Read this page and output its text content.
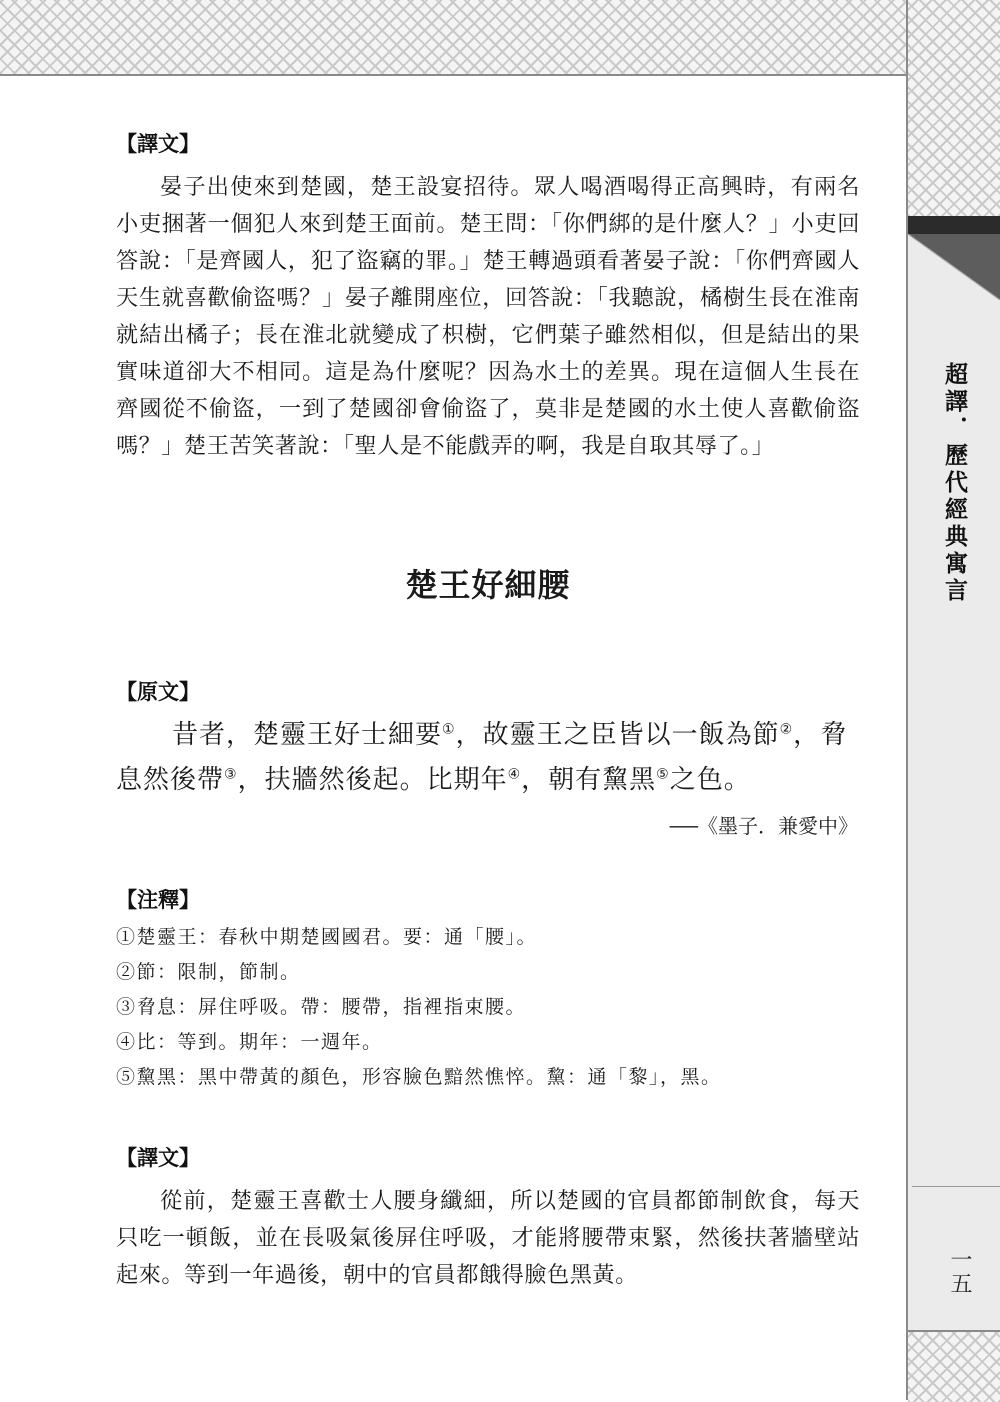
超譯．歷代經典寓言
一五

【譯文】

晏子出使來到楚國，楚王設宴招待。眾人喝酒喝得正高興時，有兩名小吏捆著一個犯人來到楚王面前。楚王問：「你們綁的是什麼人？」小吏回答說：「是齊國人，犯了盜竊的罪。」楚王轉過頭看著晏子說：「你們齊國人天生就喜歡偷盜嗎？」晏子離開座位，回答說：「我聽說，橘樹生長在淮南就結出橘子；長在淮北就變成了枳樹，它們葉子雖然相似，但是結出的果實味道卻大不相同。這是為什麼呢？因為水土的差異。現在這個人生長在齊國從不偷盜，一到了楚國卻會偷盜了，莫非是楚國的水土使人喜歡偷盜嗎？」楚王苦笑著說：「聖人是不能戲弄的啊，我是自取其辱了。」

楚王好細腰

【原文】

昔者，楚靈王好士細要①，故靈王之臣皆以一飯為節②，脅息然後帶③，扶牆然後起。比期年④，朝有黧黑⑤之色。

──《墨子．兼愛中》

【注釋】

①楚靈王：春秋中期楚國國君。要：通「腰」。

②節：限制，節制。

③脅息：屏住呼吸。帶：腰帶，指裡指束腰。

④比：等到。期年：一週年。

⑤黧黑：黑中帶黃的顏色，形容臉色黯然憔悴。黧：通「黎」，黑。

【譯文】

從前，楚靈王喜歡士人腰身纖細，所以楚國的官員都節制飲食，每天只吃一頓飯，並在長吸氣後屏住呼吸，才能將腰帶束緊，然後扶著牆壁站起來。等到一年過後，朝中的官員都餓得臉色黑黃。
